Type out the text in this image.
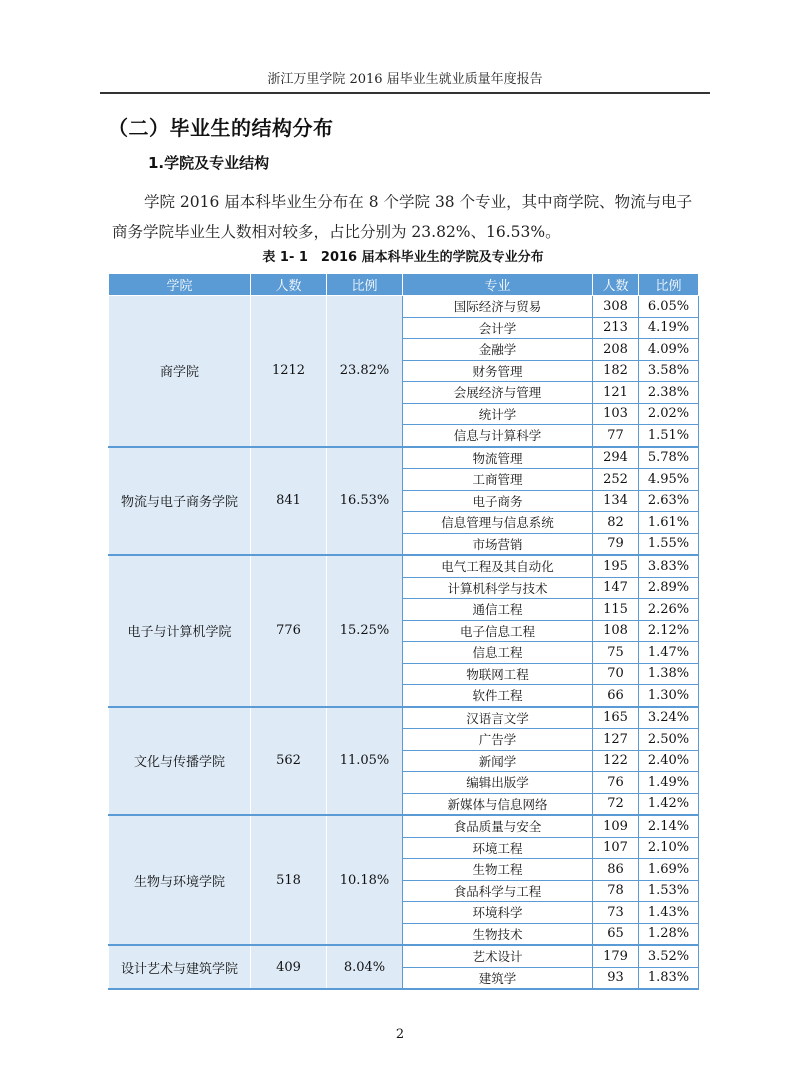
浙江万里学院 2016 届毕业生就业质量年度报告
（二）毕业生的结构分布
1.学院及专业结构
学院 2016 届本科毕业生分布在 8 个学院 38 个专业，其中商学院、物流与电子商务学院毕业生人数相对较多，占比分别为 23.82%、16.53%。
表 1- 1　2016 届本科毕业生的学院及专业分布
学院	人数	比例	专业	人数	比例
商学院	1212	23.82%	国际经济与贸易	308	6.05%
			会计学	213	4.19%
			金融学	208	4.09%
			财务管理	182	3.58%
			会展经济与管理	121	2.38%
			统计学	103	2.02%
			信息与计算科学	77	1.51%
物流与电子商务学院	841	16.53%	物流管理	294	5.78%
			工商管理	252	4.95%
			电子商务	134	2.63%
			信息管理与信息系统	82	1.61%
			市场营销	79	1.55%
电子与计算机学院	776	15.25%	电气工程及其自动化	195	3.83%
			计算机科学与技术	147	2.89%
			通信工程	115	2.26%
			电子信息工程	108	2.12%
			信息工程	75	1.47%
			物联网工程	70	1.38%
			软件工程	66	1.30%
文化与传播学院	562	11.05%	汉语言文学	165	3.24%
			广告学	127	2.50%
			新闻学	122	2.40%
			编辑出版学	76	1.49%
			新媒体与信息网络	72	1.42%
生物与环境学院	518	10.18%	食品质量与安全	109	2.14%
			环境工程	107	2.10%
			生物工程	86	1.69%
			食品科学与工程	78	1.53%
			环境科学	73	1.43%
			生物技术	65	1.28%
设计艺术与建筑学院	409	8.04%	艺术设计	179	3.52%
			建筑学	93	1.83%
2
